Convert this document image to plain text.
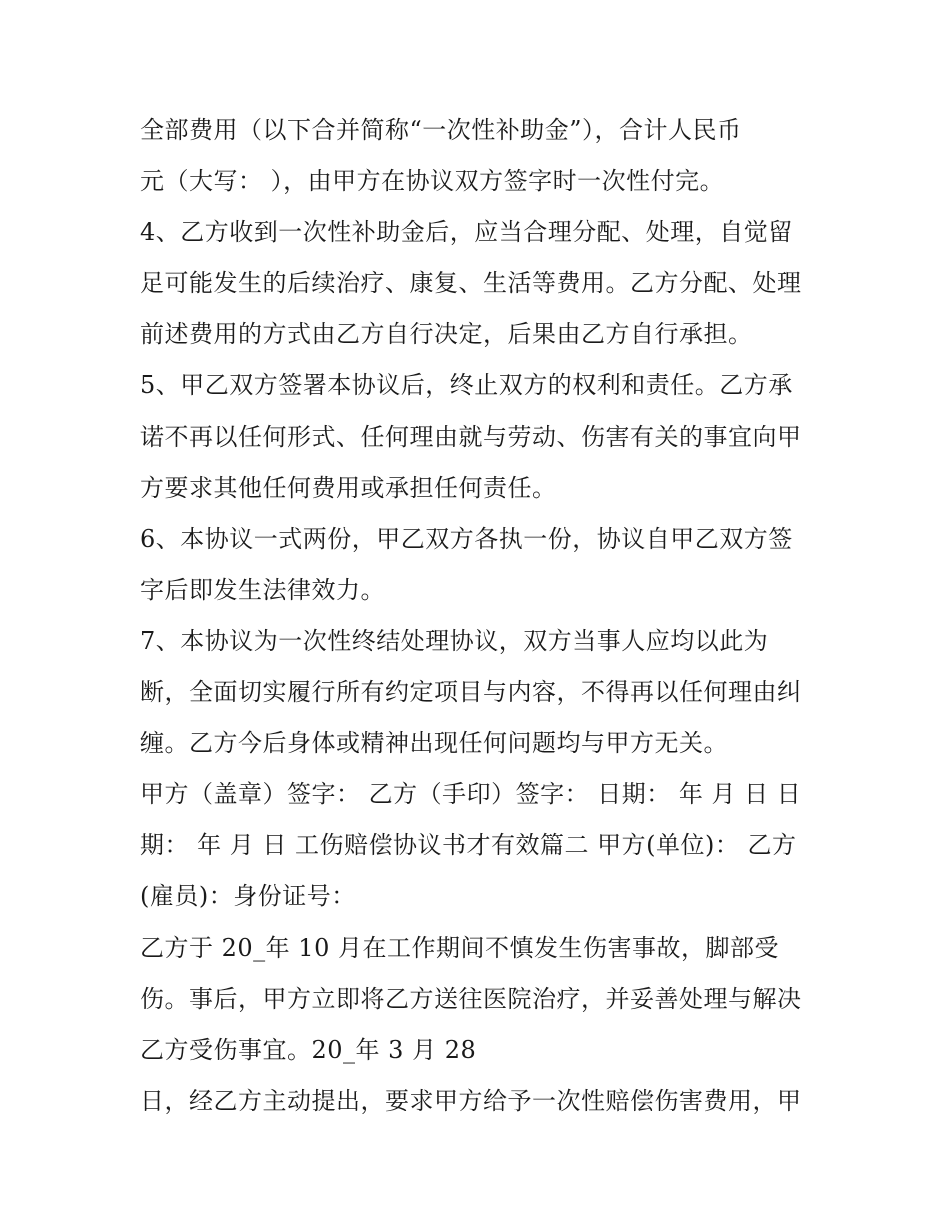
全部费用（以下合并简称“一次性补助金”），合计人民币
元（大写： ），由甲方在协议双方签字时一次性付完。
4、乙方收到一次性补助金后，应当合理分配、处理，自觉留
足可能发生的后续治疗、康复、生活等费用。乙方分配、处理
前述费用的方式由乙方自行决定，后果由乙方自行承担。
5、甲乙双方签署本协议后，终止双方的权利和责任。乙方承
诺不再以任何形式、任何理由就与劳动、伤害有关的事宜向甲
方要求其他任何费用或承担任何责任。
6、本协议一式两份，甲乙双方各执一份，协议自甲乙双方签
字后即发生法律效力。
7、本协议为一次性终结处理协议，双方当事人应均以此为
断，全面切实履行所有约定项目与内容，不得再以任何理由纠
缠。乙方今后身体或精神出现任何问题均与甲方无关。
甲方（盖章）签字： 乙方（手印）签字： 日期： 年 月 日 日
期： 年 月 日 工伤赔偿协议书才有效篇二 甲方(单位)： 乙方
(雇员)：身份证号：
乙方于 20_年 10 月在工作期间不慎发生伤害事故，脚部受
伤。事后，甲方立即将乙方送往医院治疗，并妥善处理与解决
乙方受伤事宜。20_年 3 月 28
日，经乙方主动提出，要求甲方给予一次性赔偿伤害费用，甲
